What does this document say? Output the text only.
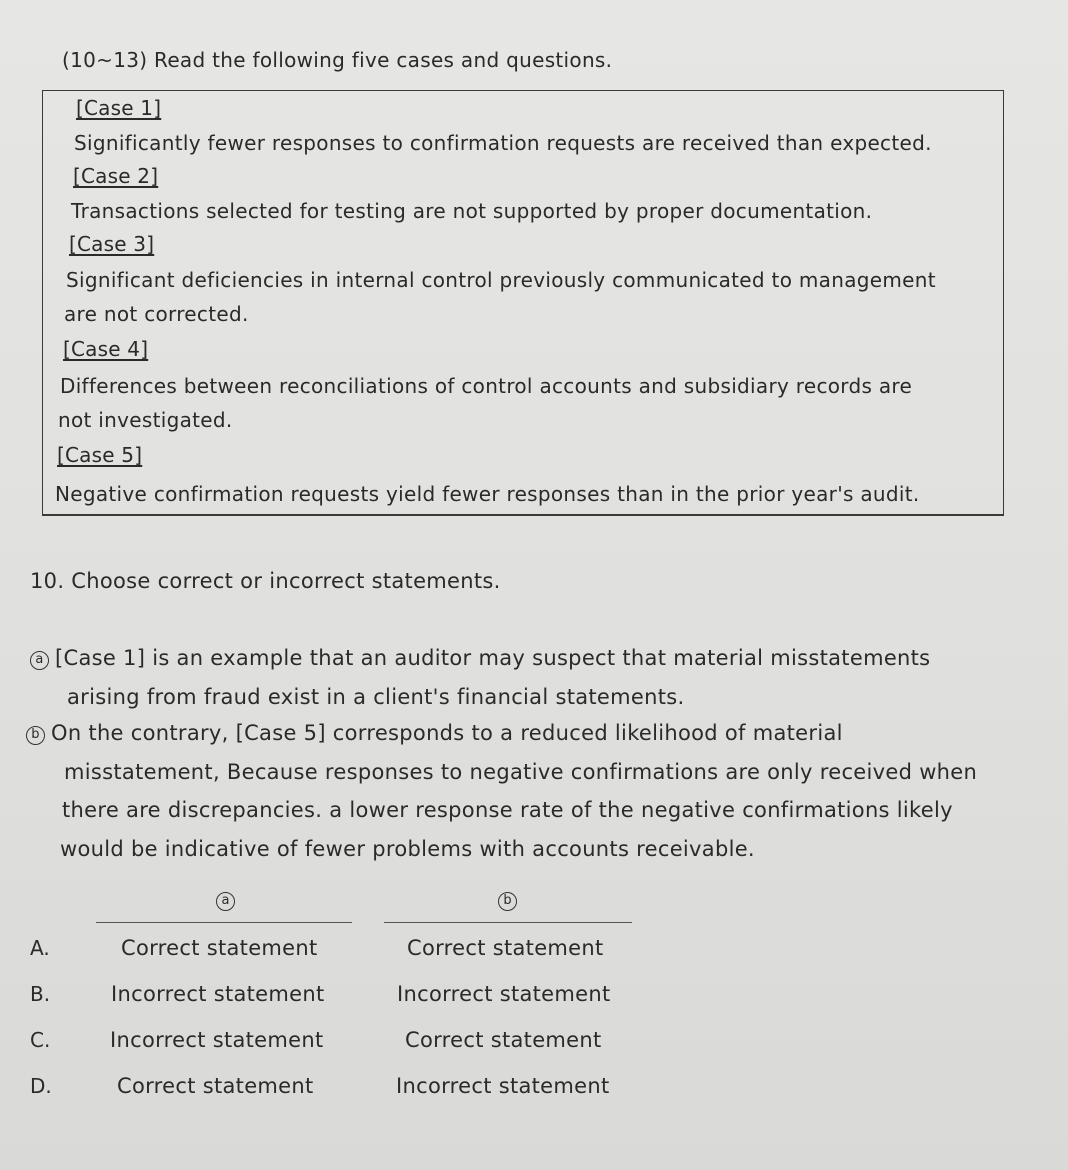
(10~13) Read the following five cases and questions.
[Case 1]
Significantly fewer responses to confirmation requests are received than expected.
[Case 2]
Transactions selected for testing are not supported by proper documentation.
[Case 3]
Significant deficiencies in internal control previously communicated to management
are not corrected.
[Case 4]
Differences between reconciliations of control accounts and subsidiary records are
not investigated.
[Case 5]
Negative confirmation requests yield fewer responses than in the prior year's audit.
10. Choose correct or incorrect statements.
a [Case 1] is an example that an auditor may suspect that material misstatements
arising from fraud exist in a client's financial statements.
b On the contrary, [Case 5] corresponds to a reduced likelihood of material
misstatement, Because responses to negative confirmations are only received when
there are discrepancies. a lower response rate of the negative confirmations likely
would be indicative of fewer problems with accounts receivable.
a	b
A.	Correct statement	Correct statement
B.	Incorrect statement	Incorrect statement
C.	Incorrect statement	Correct statement
D.	Correct statement	Incorrect statement
